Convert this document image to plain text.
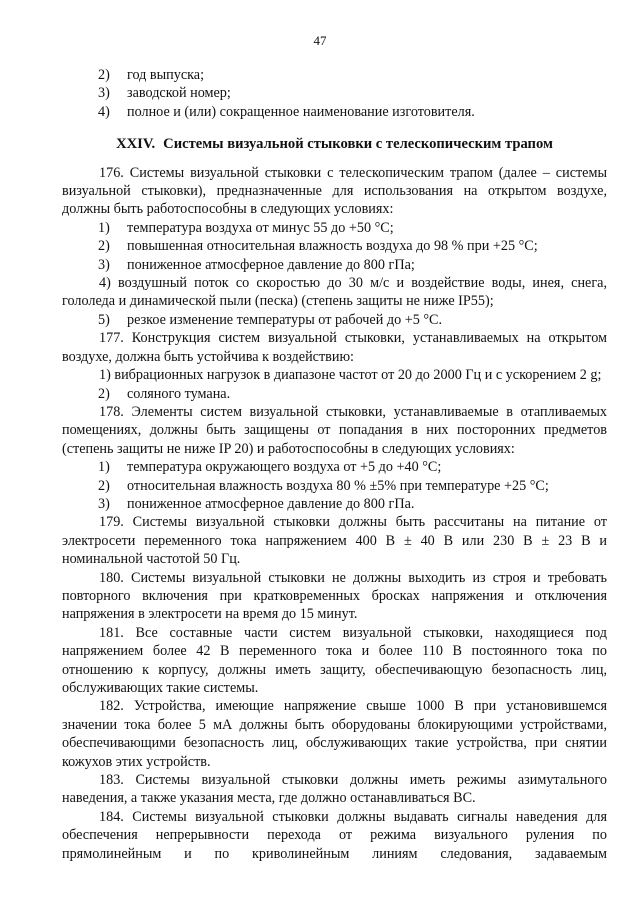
47
2) год выпуска;
3) заводской номер;
4) полное и (или) сокращенное наименование изготовителя.
XXIV. Системы визуальной стыковки с телескопическим трапом
176. Системы визуальной стыковки с телескопическим трапом (далее – системы визуальной стыковки), предназначенные для использования на открытом воздухе, должны быть работоспособны в следующих условиях:
1) температура воздуха от минус 55 до +50 °С;
2) повышенная относительная влажность воздуха до 98 % при +25 °С;
3) пониженное атмосферное давление до 800 гПа;
4) воздушный поток со скоростью до 30 м/с и воздействие воды, инея, снега, гололеда и динамической пыли (песка) (степень защиты не ниже IP55);
5) резкое изменение температуры от рабочей до +5 °С.
177. Конструкция систем визуальной стыковки, устанавливаемых на открытом воздухе, должна быть устойчива к воздействию:
1) вибрационных нагрузок в диапазоне частот от 20 до 2000 Гц и с ускорением 2 g;
2) соляного тумана.
178. Элементы систем визуальной стыковки, устанавливаемые в отапливаемых помещениях, должны быть защищены от попадания в них посторонних предметов (степень защиты не ниже IP 20) и работоспособны в следующих условиях:
1) температура окружающего воздуха от +5 до +40 °С;
2) относительная влажность воздуха 80 % ±5% при температуре +25 °С;
3) пониженное атмосферное давление до 800 гПа.
179. Системы визуальной стыковки должны быть рассчитаны на питание от электросети переменного тока напряжением 400 В ± 40 В или 230 В ± 23 В и номинальной частотой 50 Гц.
180. Системы визуальной стыковки не должны выходить из строя и требовать повторного включения при кратковременных бросках напряжения и отключения напряжения в электросети на время до 15 минут.
181. Все составные части систем визуальной стыковки, находящиеся под напряжением более 42 В переменного тока и более 110 В постоянного тока по отношению к корпусу, должны иметь защиту, обеспечивающую безопасность лиц, обслуживающих такие системы.
182. Устройства, имеющие напряжение свыше 1000 В при установившемся значении тока более 5 мА должны быть оборудованы блокирующими устройствами, обеспечивающими безопасность лиц, обслуживающих такие устройства, при снятии кожухов этих устройств.
183. Системы визуальной стыковки должны иметь режимы азимутального наведения, а также указания места, где должно останавливаться ВС.
184. Системы визуальной стыковки должны выдавать сигналы наведения для обеспечения непрерывности перехода от режима визуального руления по прямолинейным и по криволинейным линиям следования, задаваемым
